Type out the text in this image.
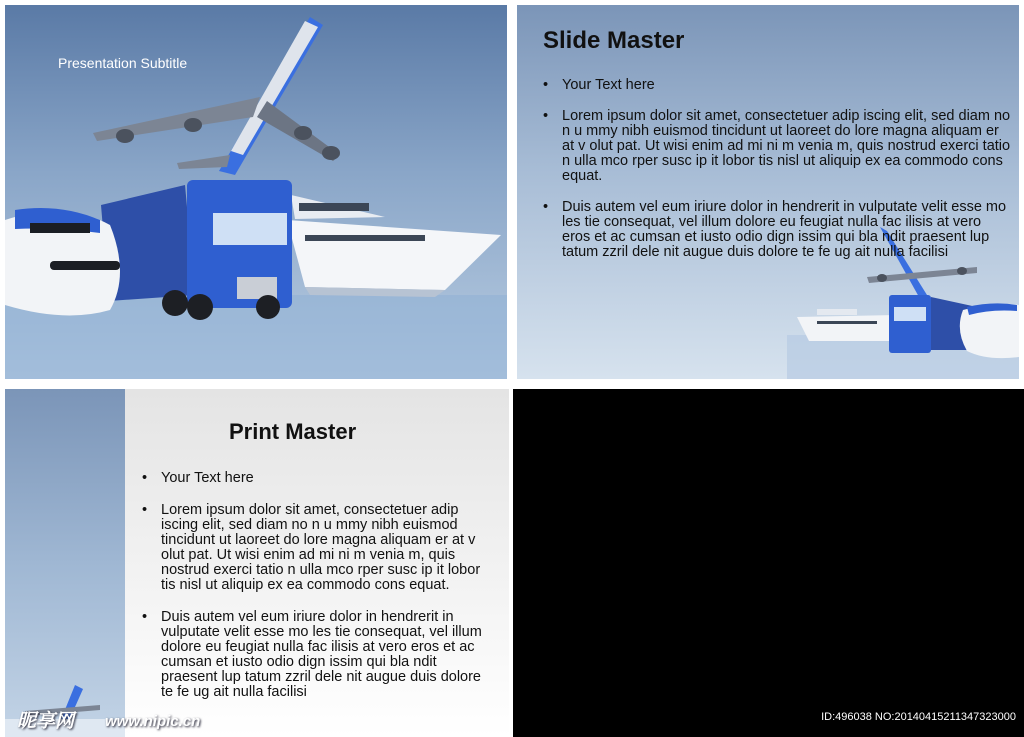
Presentation Subtitle
Slide Master
• Your Text here
• Lorem ipsum dolor sit amet, consectetuer adip iscing elit, sed diam no n u mmy nibh euismod tincidunt ut laoreet do lore magna aliquam er at v olut pat. Ut wisi enim ad mi ni m venia m, quis nostrud exerci tatio n ulla mco rper susc ip it lobor tis nisl ut aliquip ex ea commodo cons equat.
• Duis autem vel eum iriure dolor in hendrerit in vulputate velit esse mo les tie consequat, vel illum dolore eu feugiat nulla fac ilisis at vero eros et ac cumsan et iusto odio dign issim qui bla ndit praesent lup tatum zzril dele nit augue duis dolore te fe ug ait nulla facilisi
Print Master
• Your Text here
• Lorem ipsum dolor sit amet, consectetuer adip iscing elit, sed diam no n u mmy nibh euismod tincidunt ut laoreet do lore magna aliquam er at v olut pat. Ut wisi enim ad mi ni m venia m, quis nostrud exerci tatio n ulla mco rper susc ip it lobor tis nisl ut aliquip ex ea commodo cons equat.
• Duis autem vel eum iriure dolor in hendrerit in vulputate velit esse mo les tie consequat, vel illum dolore eu feugiat nulla fac ilisis at vero eros et ac cumsan et iusto odio dign issim qui bla ndit praesent lup tatum zzril dele nit augue duis dolore te fe ug ait nulla facilisi
昵享网 www.nipic.cn	ID:496038 NO:20140415211347323000
